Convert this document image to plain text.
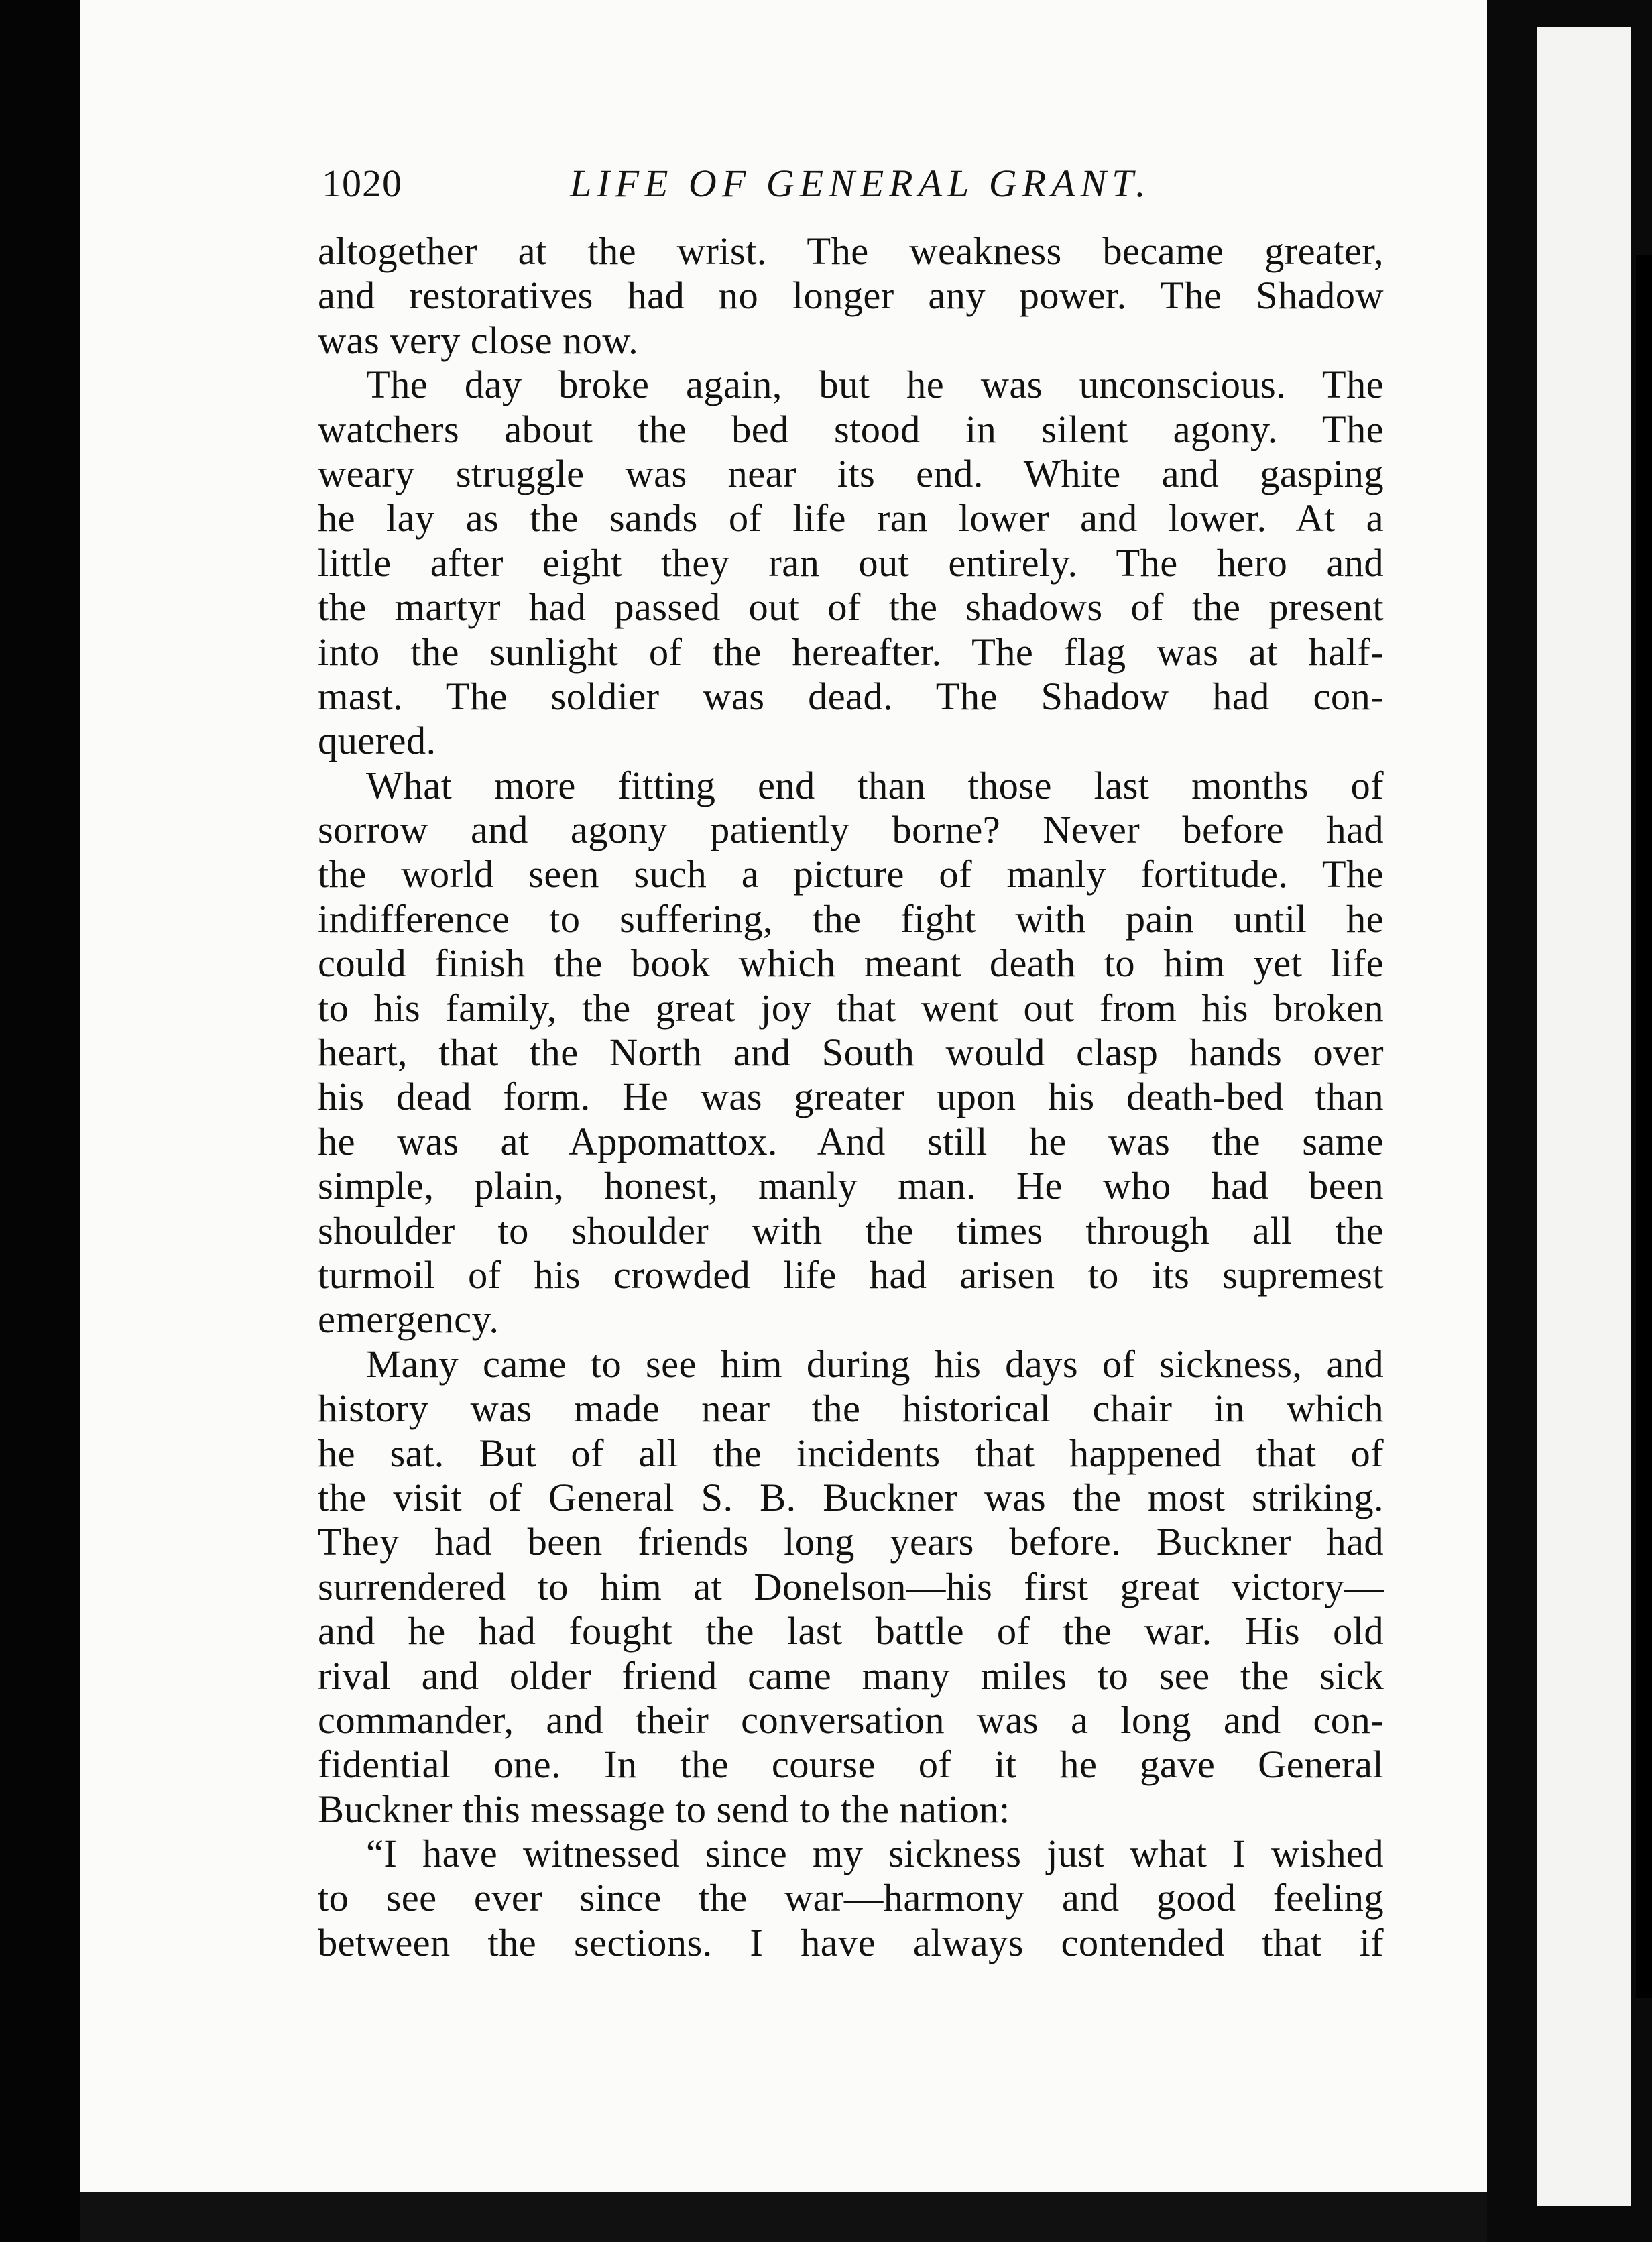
1020	LIFE OF GENERAL GRANT.
altogether at the wrist. The weakness became greater,
and restoratives had no longer any power. The Shadow
was very close now.
The day broke again, but he was unconscious. The
watchers about the bed stood in silent agony. The
weary struggle was near its end. White and gasping
he lay as the sands of life ran lower and lower. At a
little after eight they ran out entirely. The hero and
the martyr had passed out of the shadows of the present
into the sunlight of the hereafter. The flag was at half-
mast. The soldier was dead. The Shadow had con-
quered.
What more fitting end than those last months of
sorrow and agony patiently borne? Never before had
the world seen such a picture of manly fortitude. The
indifference to suffering, the fight with pain until he
could finish the book which meant death to him yet life
to his family, the great joy that went out from his broken
heart, that the North and South would clasp hands over
his dead form. He was greater upon his death-bed than
he was at Appomattox. And still he was the same
simple, plain, honest, manly man. He who had been
shoulder to shoulder with the times through all the
turmoil of his crowded life had arisen to its supremest
emergency.
Many came to see him during his days of sickness, and
history was made near the historical chair in which
he sat. But of all the incidents that happened that of
the visit of General S. B. Buckner was the most striking.
They had been friends long years before. Buckner had
surrendered to him at Donelson—his first great victory—
and he had fought the last battle of the war. His old
rival and older friend came many miles to see the sick
commander, and their conversation was a long and con-
fidential one. In the course of it he gave General
Buckner this message to send to the nation:
“I have witnessed since my sickness just what I wished
to see ever since the war—harmony and good feeling
between the sections. I have always contended that if
